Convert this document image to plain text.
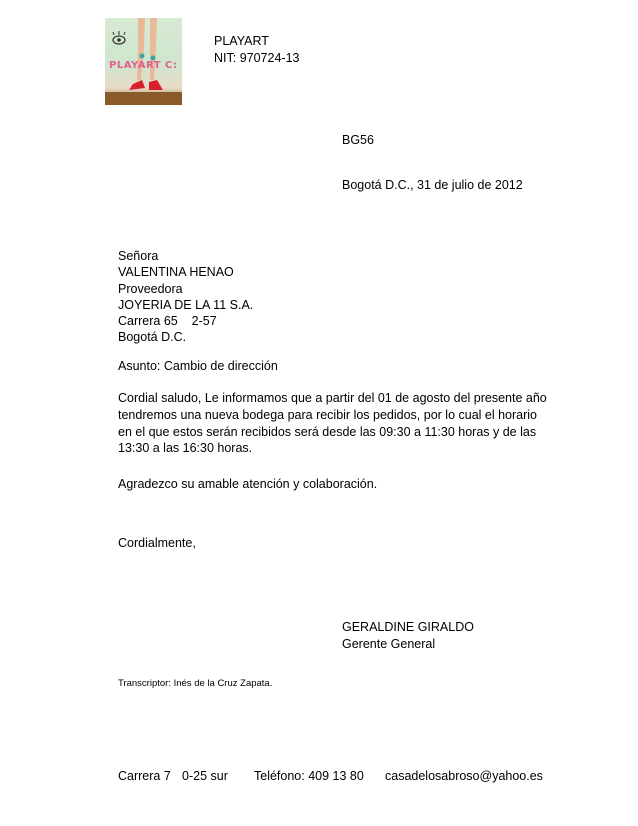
PLAYART C:
PLAYART
NIT: 970724-13
BG56
Bogotá D.C., 31 de julio de 2012
Señora
VALENTINA HENAO
Proveedora
JOYERIA DE LA 11 S.A.
Carrera 65    2-57
Bogotá D.C.
Asunto: Cambio de dirección
Cordial saludo, Le informamos que a partir del 01 de agosto del presente año
tendremos una nueva bodega para recibir los pedidos, por lo cual el horario
en el que estos serán recibidos será desde las 09:30 a 11:30 horas y de las
13:30 a las 16:30 horas.
Agradezco su amable atención y colaboración.
Cordialmente,
GERALDINE GIRALDO
Gerente General
Transcriptor: Inés de la Cruz Zapata.
Carrera 7 0-25 sur Teléfono: 409 13 80 casadelosabroso@yahoo.es
